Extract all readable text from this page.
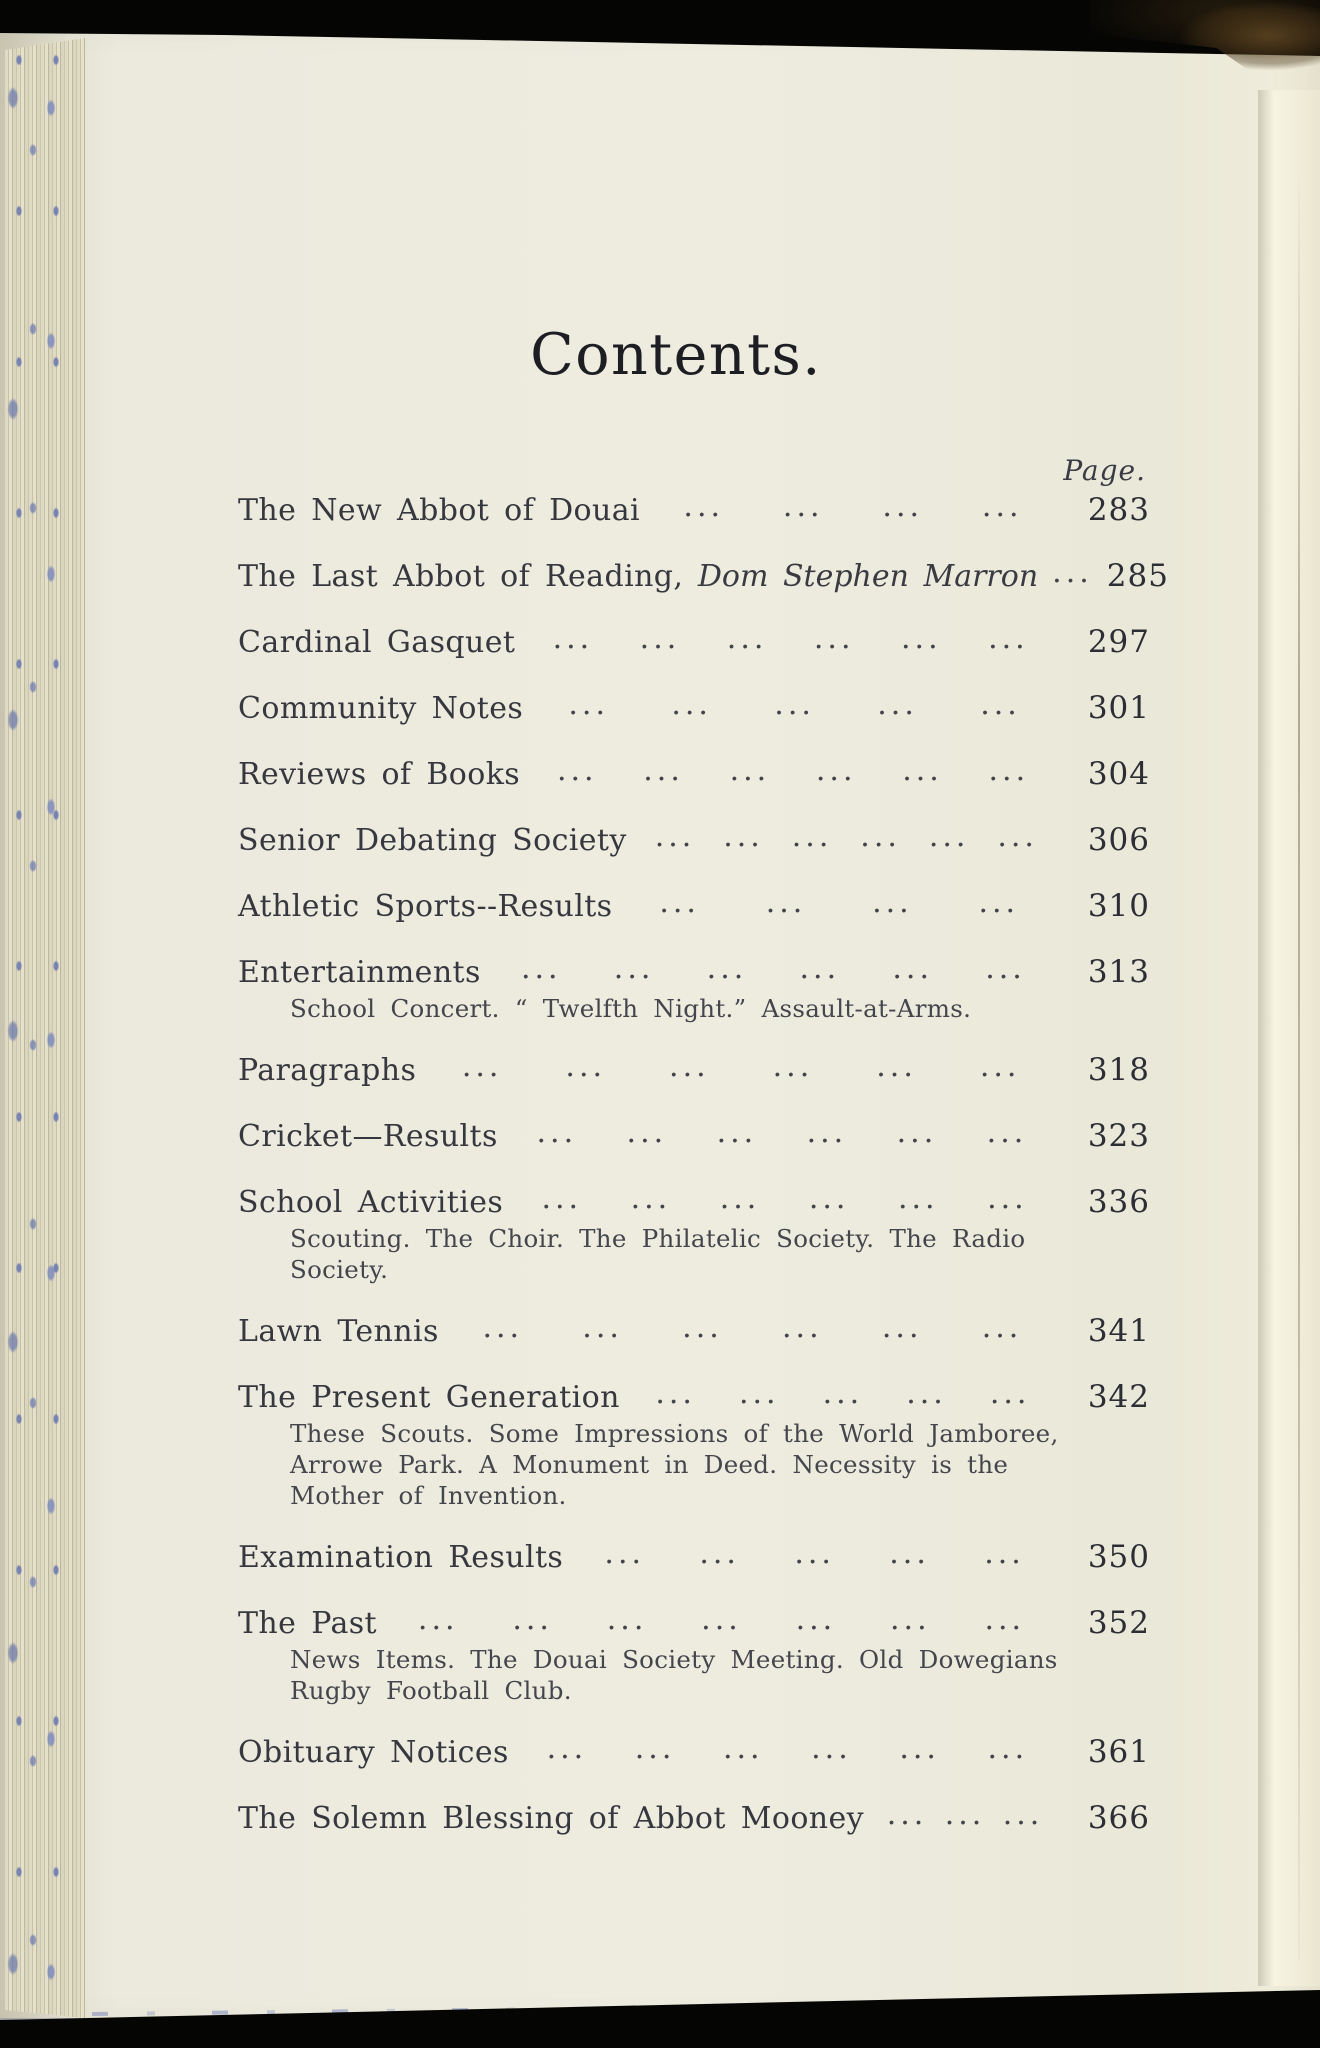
Contents.
Page.
The New Abbot of Douai ... ... ... ...	283
The Last Abbot of Reading, Dom Stephen Marron ... 285
Cardinal Gasquet ... ... ... ... ... ...	297
Community Notes ... ... ... ... ...	301
Reviews of Books ... ... ... ... ... ...	304
Senior Debating Society ... ... ... ... ... ...	306
Athletic Sports--Results ... ... ... ...	310
Entertainments ... ... ... ... ... ...	313
School Concert. “ Twelfth Night.” Assault-at-Arms.
Paragraphs ... ... ... ... ... ...	318
Cricket—Results ... ... ... ... ... ...	323
School Activities ... ... ... ... ... ...	336
Scouting. The Choir. The Philatelic Society. The Radio
Society.
Lawn Tennis ... ... ... ... ... ...	341
The Present Generation ... ... ... ... ...	342
These Scouts. Some Impressions of the World Jamboree,
Arrowe Park. A Monument in Deed. Necessity is the
Mother of Invention.
Examination Results ... ... ... ... ...	350
The Past ... ... ... ... ... ... ...	352
News Items. The Douai Society Meeting. Old Dowegians
Rugby Football Club.
Obituary Notices ... ... ... ... ... ...	361
The Solemn Blessing of Abbot Mooney ... ... ...	366
